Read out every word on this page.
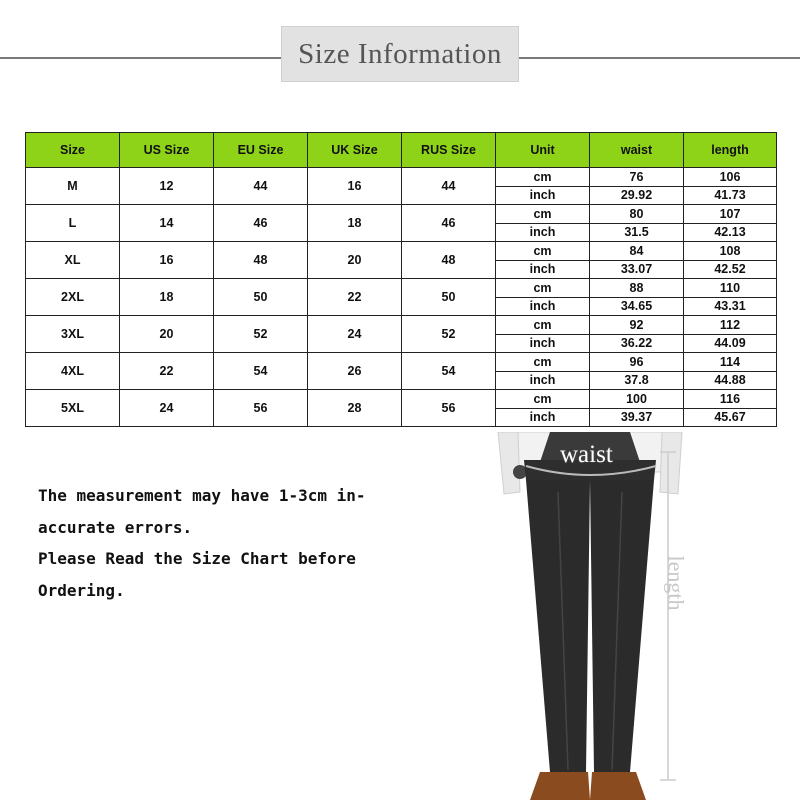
Size Information
Size	US Size	EU Size	UK Size	RUS Size	Unit	waist	length
M	12	44	16	44	cm	76	106
					inch	29.92	41.73
L	14	46	18	46	cm	80	107
					inch	31.5	42.13
XL	16	48	20	48	cm	84	108
					inch	33.07	42.52
2XL	18	50	22	50	cm	88	110
					inch	34.65	43.31
3XL	20	52	24	52	cm	92	112
					inch	36.22	44.09
4XL	22	54	26	54	cm	96	114
					inch	37.8	44.88
5XL	24	56	28	56	cm	100	116
					inch	39.37	45.67
The measurement may have 1-3cm in-
accurate errors.
Please Read the Size Chart before
Ordering.
waist
length
